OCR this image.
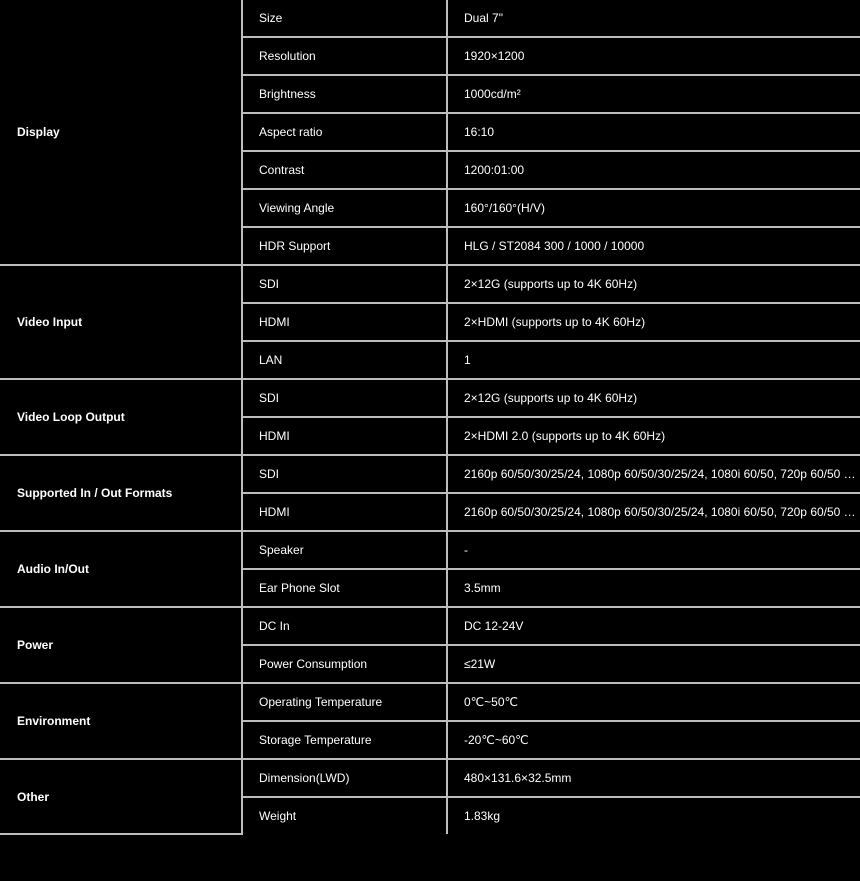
Display	Size	Dual 7"

	Resolution	1920×1200

	Brightness	1000cd/m²

	Aspect ratio	16:10

	Contrast	1200:01:00

	Viewing Angle	160°/160°(H/V)

	HDR Support	HLG / ST2084 300 / 1000 / 10000

Video Input	SDI	2×12G (supports up to 4K 60Hz)

	HDMI	2×HDMI (supports up to 4K 60Hz)

	LAN	1

Video Loop Output	SDI	2×12G (supports up to 4K 60Hz)

	HDMI	2×HDMI 2.0 (supports up to 4K 60Hz)

Supported In / Out Formats	SDI	2160p 60/50/30/25/24, 1080p 60/50/30/25/24, 1080i 60/50, 720p 60/50 …

	HDMI	2160p 60/50/30/25/24, 1080p 60/50/30/25/24, 1080i 60/50, 720p 60/50 …

Audio In/Out	Speaker	-

	Ear Phone Slot	3.5mm

Power	DC In	DC 12-24V

	Power Consumption	≤21W

Environment	Operating Temperature	0℃~50℃

	Storage Temperature	-20℃~60℃

Other	Dimension(LWD)	480×131.6×32.5mm

	Weight	1.83kg
